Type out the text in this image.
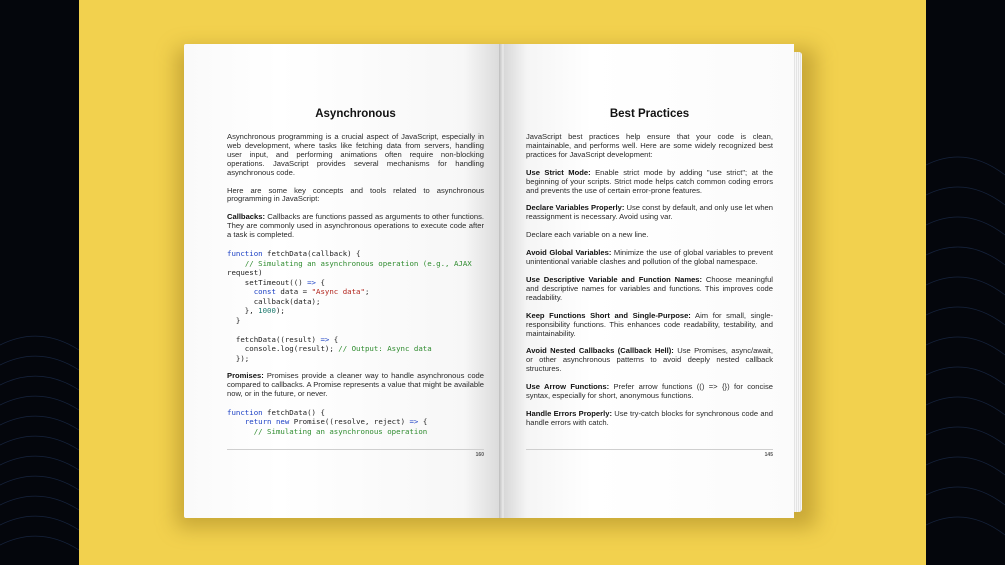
Asynchronous

Asynchronous programming is a crucial aspect of JavaScript, especially in web development, where tasks like fetching data from servers, handling user input, and performing animations often require non-blocking operations. JavaScript provides several mechanisms for handling asynchronous code.

Here are some key concepts and tools related to asynchronous programming in JavaScript:

Callbacks: Callbacks are functions passed as arguments to other functions. They are commonly used in asynchronous operations to execute code after a task is completed.

function fetchData(callback) {
// Simulating an asynchronous operation (e.g., AJAX
request)
setTimeout(() => {
const data = "Async data";
callback(data);
}, 1000);
}

fetchData((result) => {
console.log(result); // Output: Async data
});

Promises: Promises provide a cleaner way to handle asynchronous code compared to callbacks. A Promise represents a value that might be available now, or in the future, or never.

function fetchData() {
return new Promise((resolve, reject) => {
// Simulating an asynchronous operation
160
Best Practices

JavaScript best practices help ensure that your code is clean, maintainable, and performs well. Here are some widely recognized best practices for JavaScript development:

Use Strict Mode: Enable strict mode by adding "use strict"; at the beginning of your scripts. Strict mode helps catch common coding errors and prevents the use of certain error-prone features.

Declare Variables Properly: Use const by default, and only use let when reassignment is necessary. Avoid using var.

Declare each variable on a new line.

Avoid Global Variables: Minimize the use of global variables to prevent unintentional variable clashes and pollution of the global namespace.

Use Descriptive Variable and Function Names: Choose meaningful and descriptive names for variables and functions. This improves code readability.

Keep Functions Short and Single-Purpose: Aim for small, single-responsibility functions. This enhances code readability, testability, and maintainability.

Avoid Nested Callbacks (Callback Hell): Use Promises, async/await, or other asynchronous patterns to avoid deeply nested callback structures.

Use Arrow Functions: Prefer arrow functions (() => {}) for concise syntax, especially for short, anonymous functions.

Handle Errors Properly: Use try-catch blocks for synchronous code and handle errors with catch.

145
